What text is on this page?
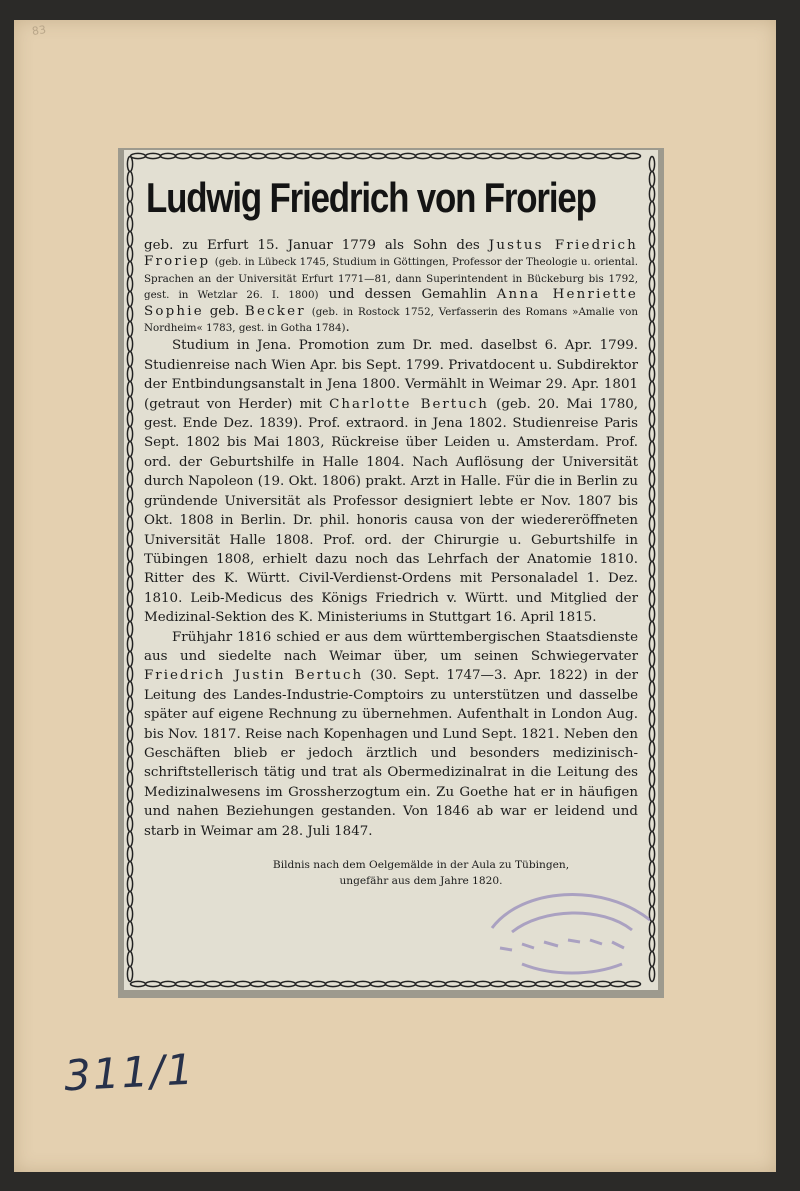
83
Ludwig Friedrich von Froriep

geb. zu Erfurt 15. Januar 1779 als Sohn des Justus Friedrich Froriep (geb. in Lübeck 1745, Studium in Göttingen, Professor der Theologie u. oriental. Sprachen an der Universität Erfurt 1771—81, dann Superintendent in Bückeburg bis 1792, gest. in Wetzlar 26. I. 1800) und dessen Gemahlin Anna Henriette Sophie geb. Becker (geb. in Rostock 1752, Verfasserin des Romans »Amalie von Nordheim« 1783, gest. in Gotha 1784).

Studium in Jena. Promotion zum Dr. med. daselbst 6. Apr. 1799. Studienreise nach Wien Apr. bis Sept. 1799. Privatdocent u. Subdirektor der Entbindungsanstalt in Jena 1800. Vermählt in Weimar 29. Apr. 1801 (getraut von Herder) mit Charlotte Bertuch (geb. 20. Mai 1780, gest. Ende Dez. 1839). Prof. extraord. in Jena 1802. Studienreise Paris Sept. 1802 bis Mai 1803, Rückreise über Leiden u. Amsterdam. Prof. ord. der Geburtshilfe in Halle 1804. Nach Auflösung der Universität durch Napoleon (19. Okt. 1806) prakt. Arzt in Halle. Für die in Berlin zu gründende Universität als Professor designiert lebte er Nov. 1807 bis Okt. 1808 in Berlin. Dr. phil. honoris causa von der wiedereröffneten Universität Halle 1808. Prof. ord. der Chirurgie u. Geburtshilfe in Tübingen 1808, erhielt dazu noch das Lehrfach der Anatomie 1810. Ritter des K. Württ. Civil-Verdienst-Ordens mit Personaladel 1. Dez. 1810. Leib-Medicus des Königs Friedrich v. Württ. und Mitglied der Medizinal-Sektion des K. Ministeriums in Stuttgart 16. April 1815.

Frühjahr 1816 schied er aus dem württembergischen Staatsdienste aus und siedelte nach Weimar über, um seinen Schwiegervater Friedrich Justin Bertuch (30. Sept. 1747—3. Apr. 1822) in der Leitung des Landes-Industrie-Comptoirs zu unterstützen und dasselbe später auf eigene Rechnung zu übernehmen. Aufenthalt in London Aug. bis Nov. 1817. Reise nach Kopenhagen und Lund Sept. 1821. Neben den Geschäften blieb er jedoch ärztlich und besonders medizinisch-schriftstellerisch tätig und trat als Obermedizinalrat in die Leitung des Medizinalwesens im Grossherzogtum ein. Zu Goethe hat er in häufigen und nahen Beziehungen gestanden. Von 1846 ab war er leidend und starb in Weimar am 28. Juli 1847.

Bildnis nach dem Oelgemälde in der Aula zu Tübingen,
ungefähr aus dem Jahre 1820.
311/1
